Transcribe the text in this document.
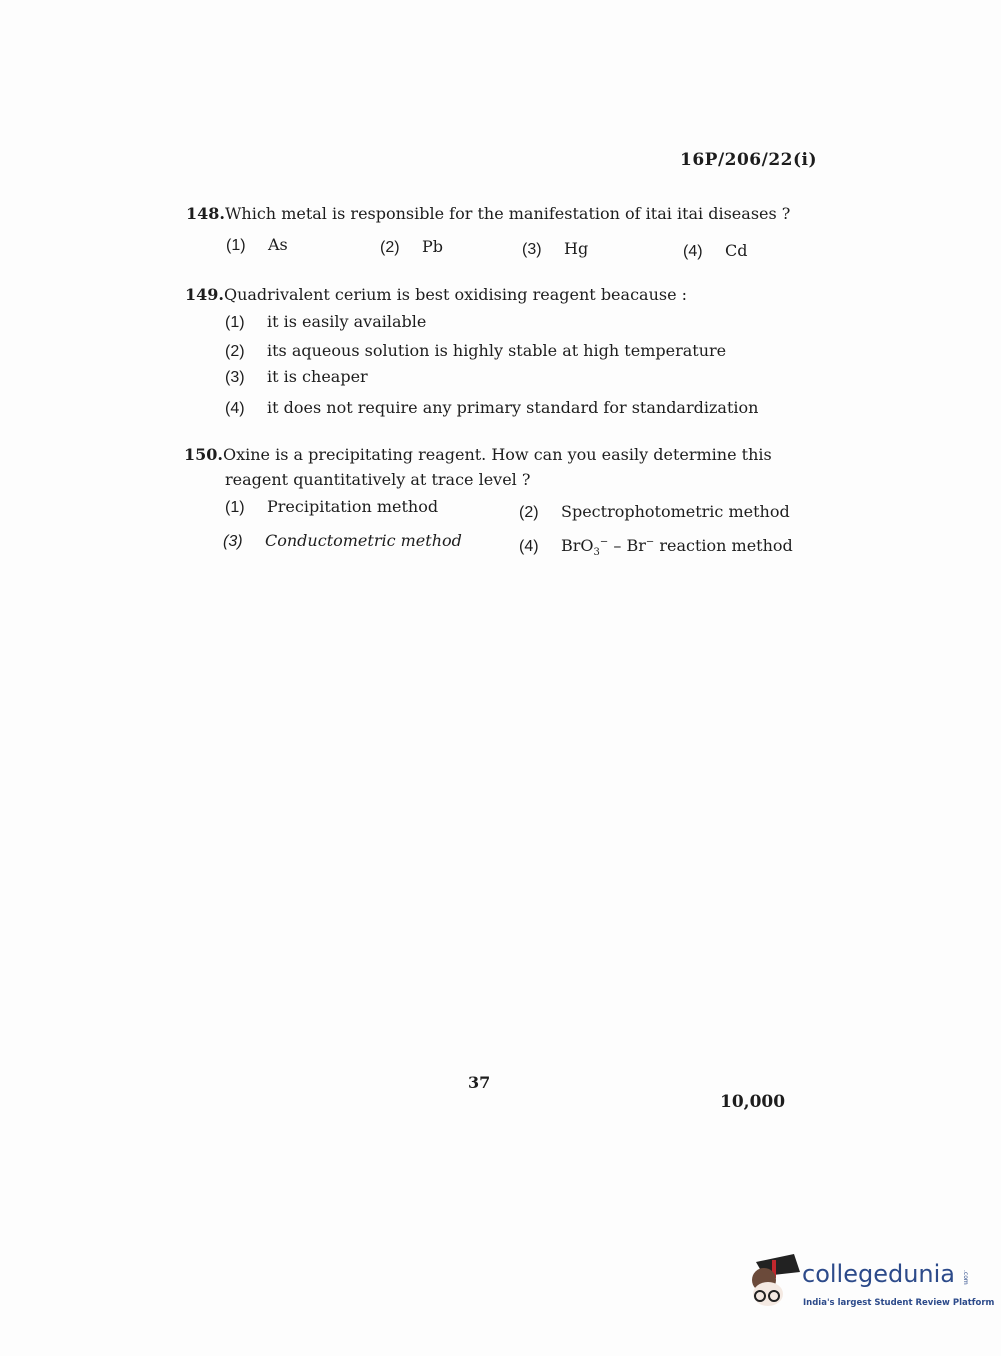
16P/206/22(i)
148.Which metal is responsible for the manifestation of itai itai diseases ?
(1) As	(2) Pb	(3) Hg	(4) Cd
149.Quadrivalent cerium is best oxidising reagent beacause :
(1) it is easily available
(2) its aqueous solution is highly stable at high temperature
(3) it is cheaper
(4) it does not require any primary standard for standardization
150.Oxine is a precipitating reagent. How can you easily determine this
reagent quantitatively at trace level ?
(1) Precipitation method	(2) Spectrophotometric method
(3) Conductometric method	(4) BrO$_3$− – Br− reaction method
37
10,000
collegedunia .com
India's largest Student Review Platform
